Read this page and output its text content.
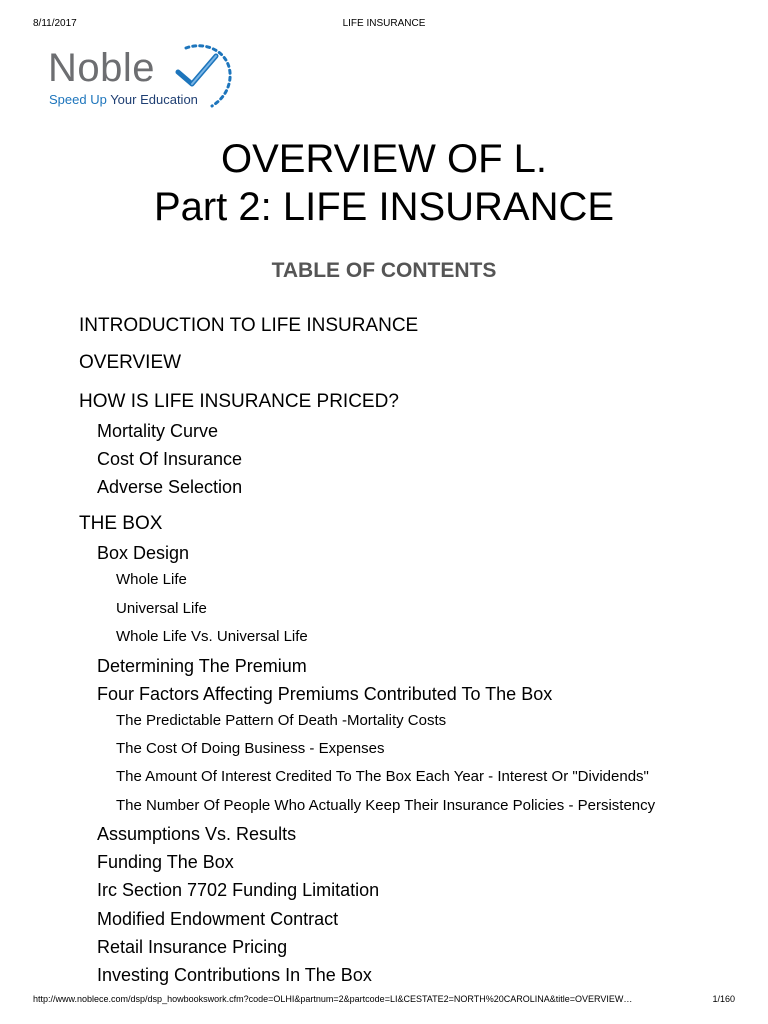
8/11/2017	LIFE INSURANCE
Noble
Speed Up Your Education
OVERVIEW OF L.
Part 2: LIFE INSURANCE
TABLE OF CONTENTS
INTRODUCTION TO LIFE INSURANCE
OVERVIEW
HOW IS LIFE INSURANCE PRICED?
Mortality Curve
Cost Of Insurance
Adverse Selection
THE BOX
Box Design
Whole Life
Universal Life
Whole Life Vs. Universal Life
Determining The Premium
Four Factors Affecting Premiums Contributed To The Box
The Predictable Pattern Of Death -Mortality Costs
The Cost Of Doing Business - Expenses
The Amount Of Interest Credited To The Box Each Year - Interest Or "Dividends"
The Number Of People Who Actually Keep Their Insurance Policies - Persistency
Assumptions Vs. Results
Funding The Box
Irc Section 7702 Funding Limitation
Modified Endowment Contract
Retail Insurance Pricing
Investing Contributions In The Box
http://www.noblece.com/dsp/dsp_howbookswork.cfm?code=OLHI&partnum=2&partcode=LI&CESTATE2=NORTH%20CAROLINA&title=OVERVIEW…	1/160
